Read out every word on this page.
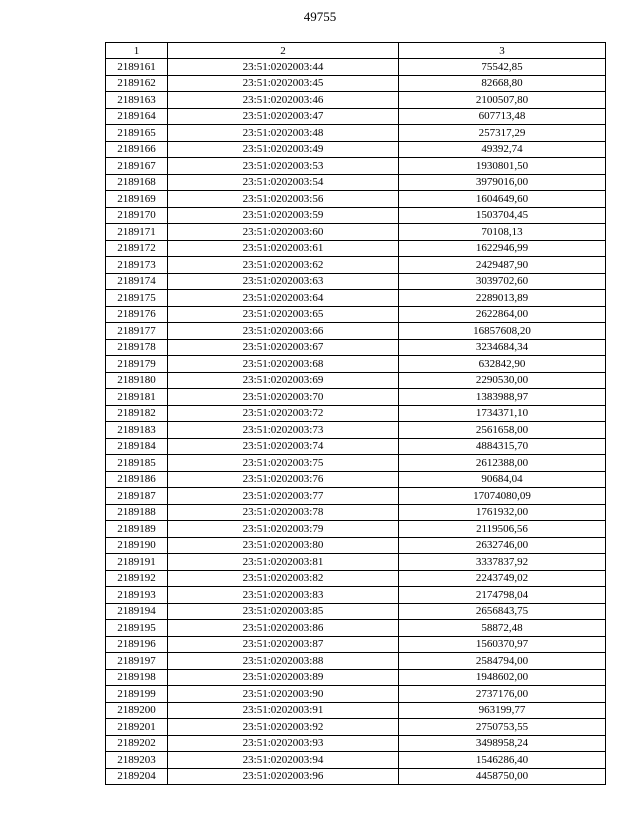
49755
1	2	3
2189161	23:51:0202003:44	75542,85
2189162	23:51:0202003:45	82668,80
2189163	23:51:0202003:46	2100507,80
2189164	23:51:0202003:47	607713,48
2189165	23:51:0202003:48	257317,29
2189166	23:51:0202003:49	49392,74
2189167	23:51:0202003:53	1930801,50
2189168	23:51:0202003:54	3979016,00
2189169	23:51:0202003:56	1604649,60
2189170	23:51:0202003:59	1503704,45
2189171	23:51:0202003:60	70108,13
2189172	23:51:0202003:61	1622946,99
2189173	23:51:0202003:62	2429487,90
2189174	23:51:0202003:63	3039702,60
2189175	23:51:0202003:64	2289013,89
2189176	23:51:0202003:65	2622864,00
2189177	23:51:0202003:66	16857608,20
2189178	23:51:0202003:67	3234684,34
2189179	23:51:0202003:68	632842,90
2189180	23:51:0202003:69	2290530,00
2189181	23:51:0202003:70	1383988,97
2189182	23:51:0202003:72	1734371,10
2189183	23:51:0202003:73	2561658,00
2189184	23:51:0202003:74	4884315,70
2189185	23:51:0202003:75	2612388,00
2189186	23:51:0202003:76	90684,04
2189187	23:51:0202003:77	17074080,09
2189188	23:51:0202003:78	1761932,00
2189189	23:51:0202003:79	2119506,56
2189190	23:51:0202003:80	2632746,00
2189191	23:51:0202003:81	3337837,92
2189192	23:51:0202003:82	2243749,02
2189193	23:51:0202003:83	2174798,04
2189194	23:51:0202003:85	2656843,75
2189195	23:51:0202003:86	58872,48
2189196	23:51:0202003:87	1560370,97
2189197	23:51:0202003:88	2584794,00
2189198	23:51:0202003:89	1948602,00
2189199	23:51:0202003:90	2737176,00
2189200	23:51:0202003:91	963199,77
2189201	23:51:0202003:92	2750753,55
2189202	23:51:0202003:93	3498958,24
2189203	23:51:0202003:94	1546286,40
2189204	23:51:0202003:96	4458750,00
